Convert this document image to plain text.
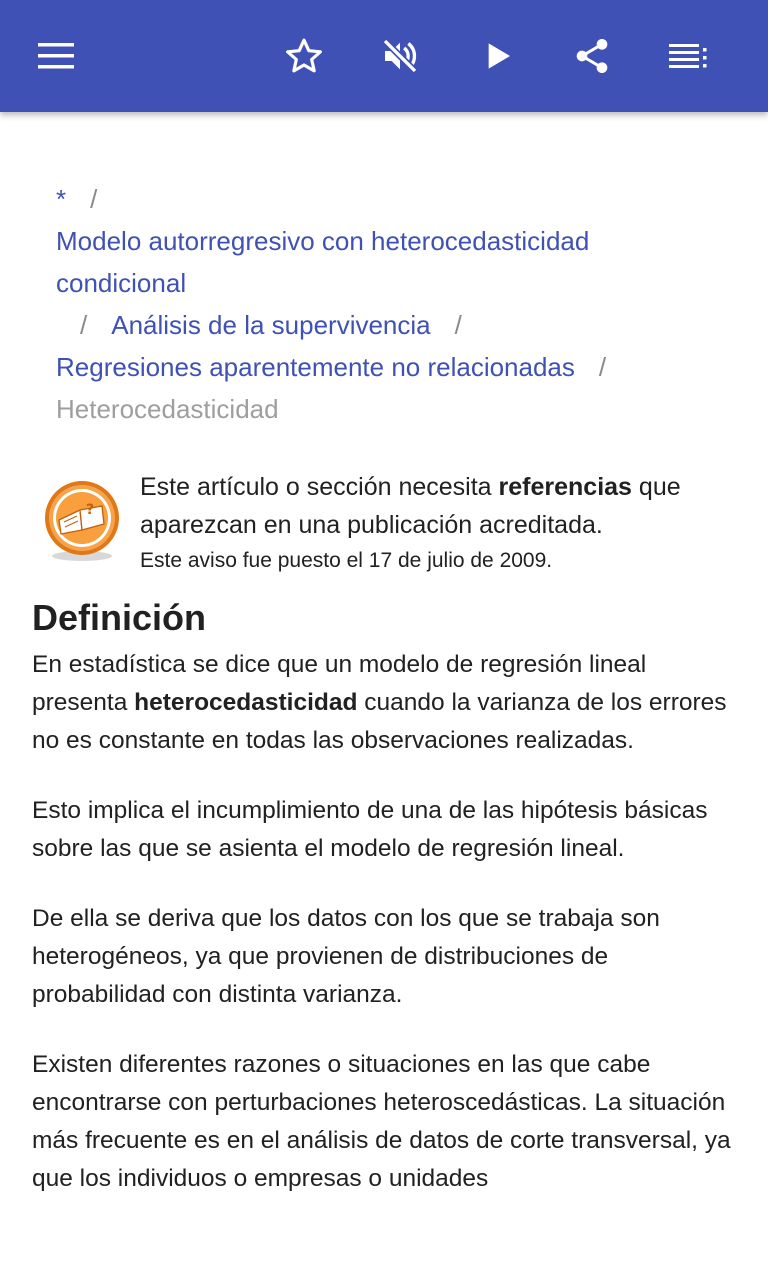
* /
Modelo autorregresivo con heterocedasticidad condicional
/ Análisis de la supervivencia /
Regresiones aparentemente no relacionadas /
Heterocedasticidad
?
Este artículo o sección necesita referencias que aparezcan en una publicación acreditada.
Este aviso fue puesto el 17 de julio de 2009.
Definición

En estadística se dice que un modelo de regresión lineal presenta heterocedasticidad cuando la varianza de los errores no es constante en todas las observaciones realizadas.

Esto implica el incumplimiento de una de las hipótesis básicas sobre las que se asienta el modelo de regresión lineal.

De ella se deriva que los datos con los que se trabaja son heterogéneos, ya que provienen de distribuciones de probabilidad con distinta varianza.

Existen diferentes razones o situaciones en las que cabe encontrarse con perturbaciones heteroscedásticas. La situación más frecuente es en el análisis de datos de corte transversal, ya que los individuos o empresas o unidades
